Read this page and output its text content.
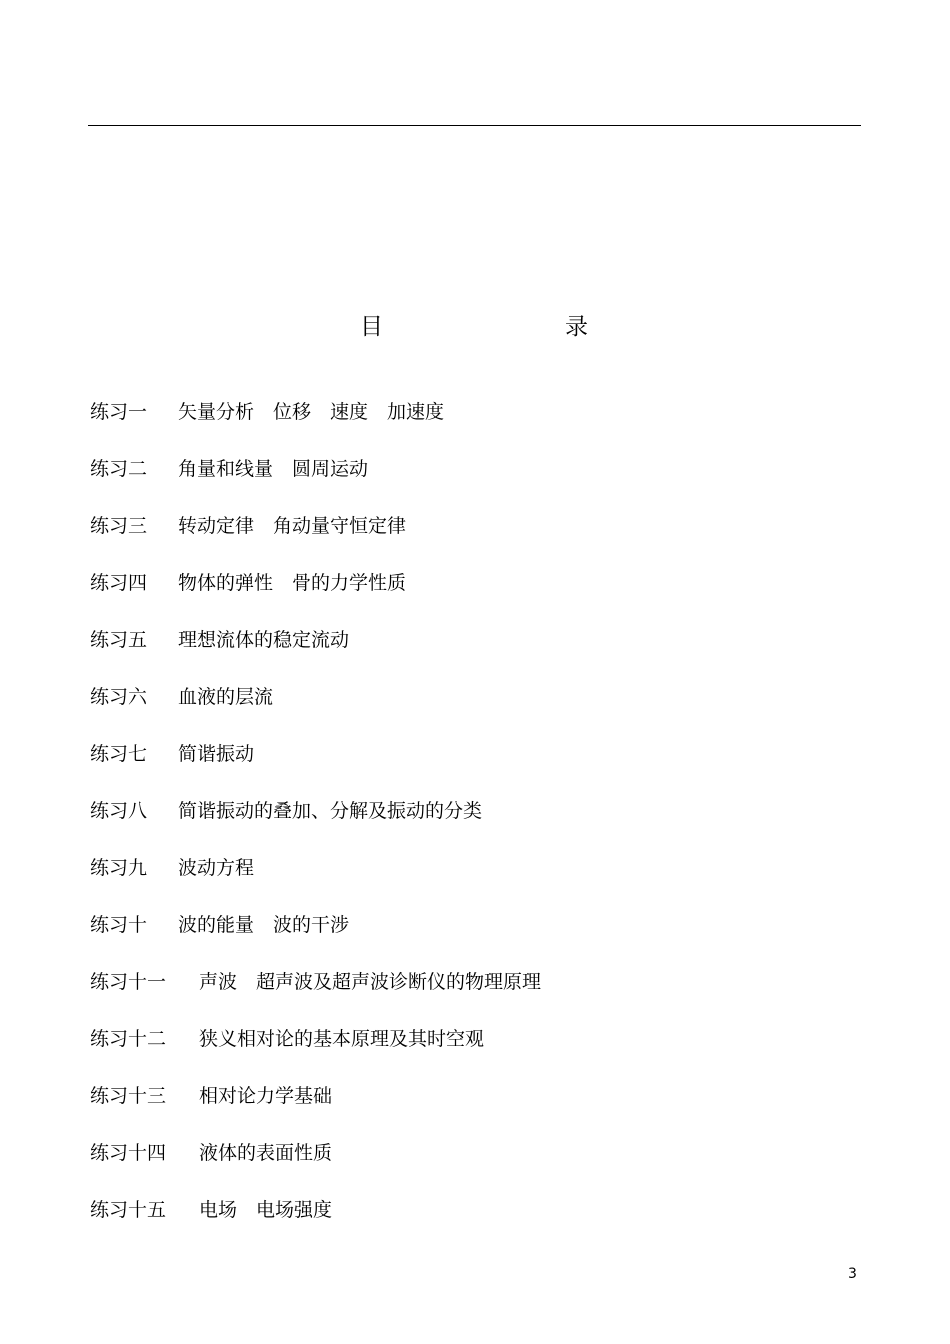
目	录
练习一 矢量分析　位移　速度　加速度
练习二 角量和线量　圆周运动
练习三 转动定律　角动量守恒定律
练习四 物体的弹性　骨的力学性质
练习五 理想流体的稳定流动
练习六 血液的层流
练习七 简谐振动
练习八 简谐振动的叠加、分解及振动的分类
练习九 波动方程
练习十 波的能量　波的干涉
练习十一 声波　超声波及超声波诊断仪的物理原理
练习十二 狭义相对论的基本原理及其时空观
练习十三 相对论力学基础
练习十四 液体的表面性质
练习十五 电场　电场强度
3
